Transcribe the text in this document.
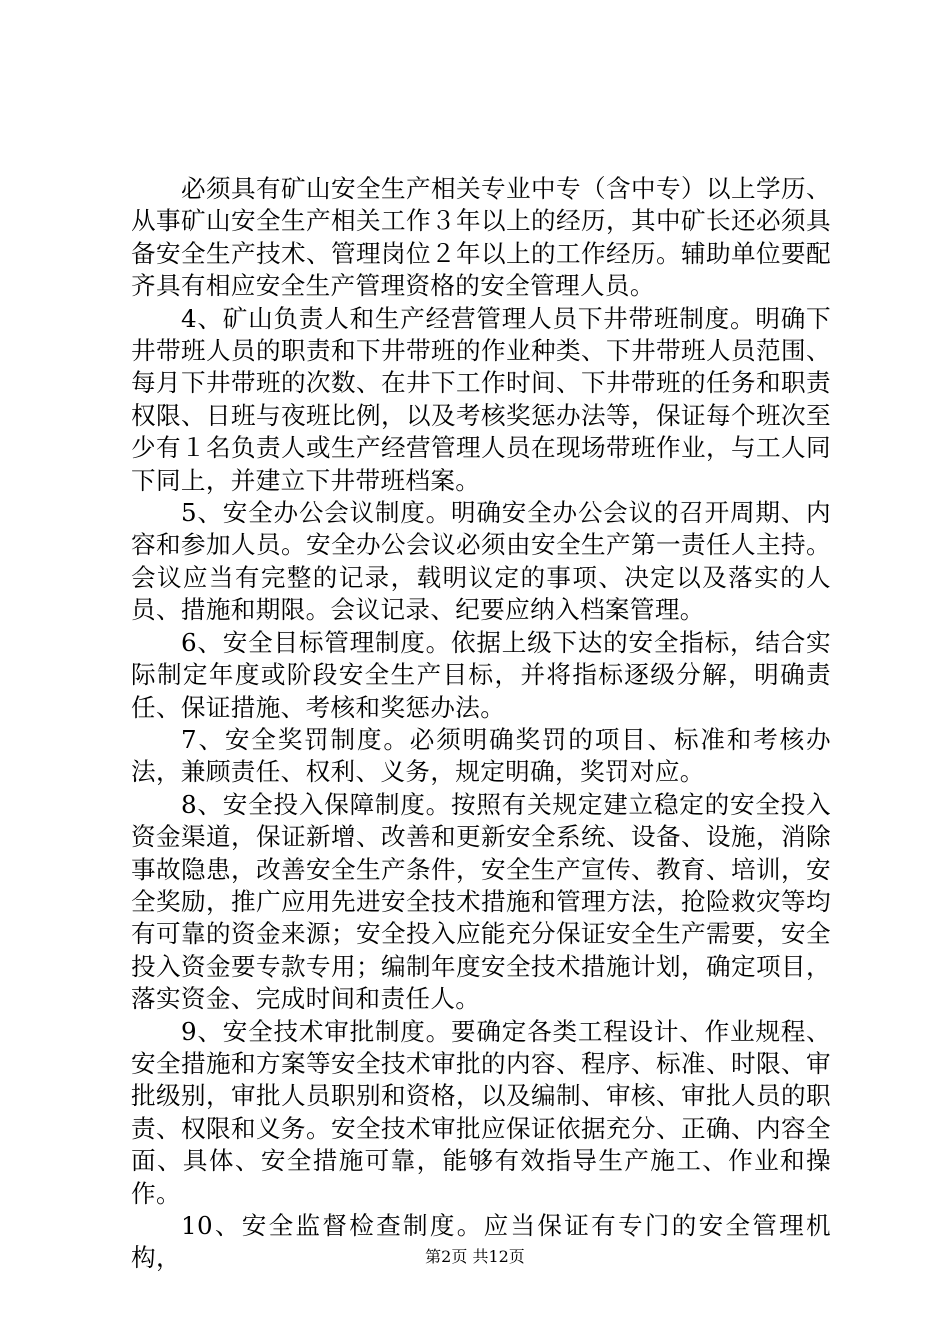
必须具有矿山安全生产相关专业中专（含中专）以上学历、从事矿山安全生产相关工作３年以上的经历，其中矿长还必须具备安全生产技术、管理岗位２年以上的工作经历。辅助单位要配齐具有相应安全生产管理资格的安全管理人员。

4、矿山负责人和生产经营管理人员下井带班制度。明确下井带班人员的职责和下井带班的作业种类、下井带班人员范围、每月下井带班的次数、在井下工作时间、下井带班的任务和职责权限、日班与夜班比例，以及考核奖惩办法等，保证每个班次至少有１名负责人或生产经营管理人员在现场带班作业，与工人同下同上，并建立下井带班档案。

5、安全办公会议制度。明确安全办公会议的召开周期、内容和参加人员。安全办公会议必须由安全生产第一责任人主持。会议应当有完整的记录，载明议定的事项、决定以及落实的人员、措施和期限。会议记录、纪要应纳入档案管理。

6、安全目标管理制度。依据上级下达的安全指标，结合实际制定年度或阶段安全生产目标，并将指标逐级分解，明确责任、保证措施、考核和奖惩办法。

7、安全奖罚制度。必须明确奖罚的项目、标准和考核办法，兼顾责任、权利、义务，规定明确，奖罚对应。

8、安全投入保障制度。按照有关规定建立稳定的安全投入资金渠道，保证新增、改善和更新安全系统、设备、设施，消除事故隐患，改善安全生产条件，安全生产宣传、教育、培训，安全奖励，推广应用先进安全技术措施和管理方法，抢险救灾等均有可靠的资金来源；安全投入应能充分保证安全生产需要，安全投入资金要专款专用；编制年度安全技术措施计划，确定项目，落实资金、完成时间和责任人。

9、安全技术审批制度。要确定各类工程设计、作业规程、安全措施和方案等安全技术审批的内容、程序、标准、时限、审批级别，审批人员职别和资格，以及编制、审核、审批人员的职责、权限和义务。安全技术审批应保证依据充分、正确、内容全面、具体、安全措施可靠，能够有效指导生产施工、作业和操作。

10、安全监督检查制度。应当保证有专门的安全管理机构，	第2页 共12页
